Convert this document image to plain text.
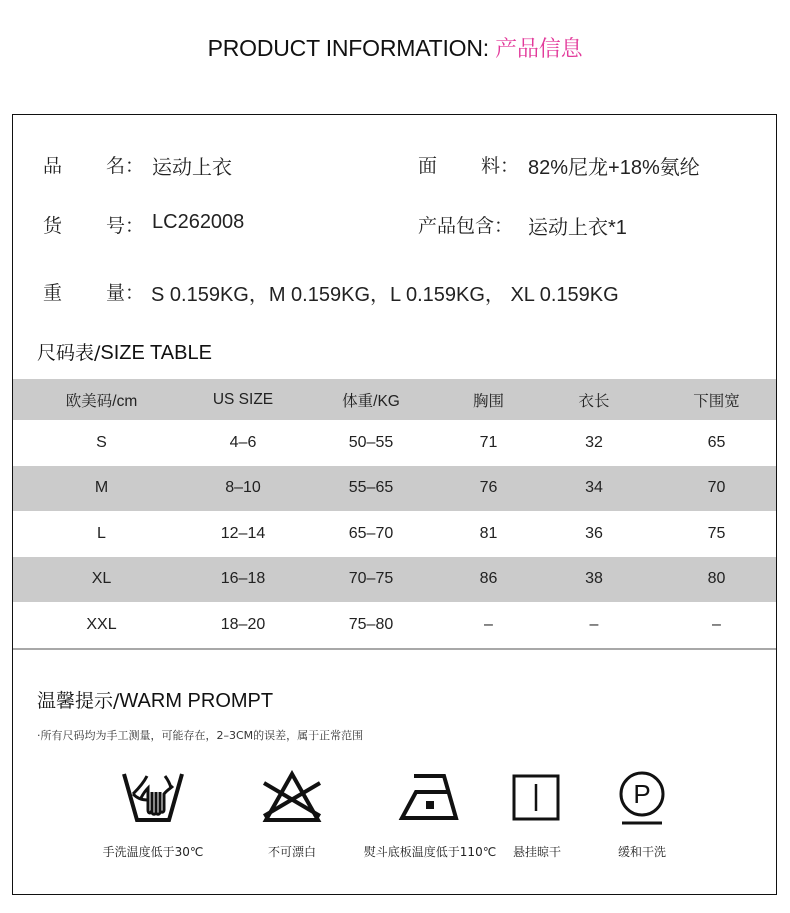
PRODUCT INFORMATION: 产品信息
品 名： 运动上衣	面 料： 82%尼龙+18%氨纶
货 号： LC262008	产品包含： 运动上衣*1
重 量： S 0.159KG，M 0.159KG，L 0.159KG， XL 0.159KG
尺码表/SIZE TABLE
欧美码/cm	US SIZE	体重/KG	胸围	衣长	下围宽
S	4–6	50–55	71	32	65
M	8–10	55–65	76	34	70
L	12–14	65–70	81	36	75
XL	16–18	70–75	86	38	80
XXL	18–20	75–80	–	–	–
温馨提示/WARM PROMPT
·所有尺码均为手工测量，可能存在，2–3CM的误差，属于正常范围
手洗温度低于30℃	不可漂白	熨斗底板温度低于110℃	悬挂晾干
P
缓和干洗
